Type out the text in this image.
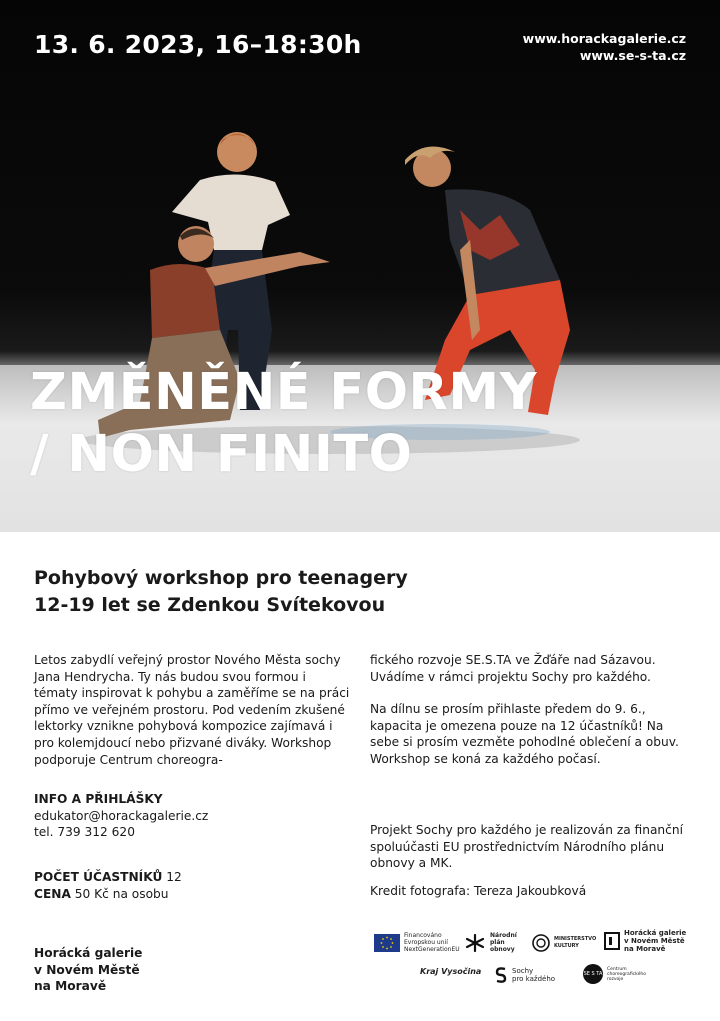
13. 6. 2023, 16–18:30h	www.horackagalerie.cz
www.se-s-ta.cz
ZMĚNĚNÉ FORMY
/ NON FINITO
Pohybový workshop pro teenagery
12-19 let se Zdenkou Svítekovou
Letos zabydlí veřejný prostor Nového Města sochy Jana Hendrycha. Ty nás budou svou formou i tématy inspirovat k pohybu a zaměříme se na práci přímo ve veřejném prostoru. Pod vedením zkušené lektorky vznikne pohybová kompozice zajímavá i pro kolemjdoucí nebo přizvané diváky. Workshop podporuje Centrum choreogra-

fického rozvoje SE.S.TA ve Žďáře nad Sázavou. Uvádíme v rámci projektu Sochy pro každého.

Na dílnu se prosím přihlaste předem do 9. 6., kapacita je omezena pouze na 12 účastníků! Na sebe si prosím vezměte pohodlné oblečení a obuv. Workshop se koná za každého počasí.

INFO A PŘIHLÁŠKY
edukator@horackagalerie.cz
tel. 739 312 620
POČET ÚČASTNÍKŮ 12
CENA 50 Kč na osobu
Projekt Sochy pro každého je realizován za finanční spoluúčasti EU prostřednictvím Národního plánu obnovy a MK.
Kredit fotografa: Tereza Jakoubková
Horácká galerie
v Novém Městě
na Moravě
Financováno
Evropskou unií
NextGenerationEU
Národní
plán
obnovy
MINISTERSTVO
KULTURY
Horácká galerie
v Novém Městě
na Moravě
Kraj Vysočina	Sochy
pro každého
SE S TA
Centrum
choreografického
rozvoje
